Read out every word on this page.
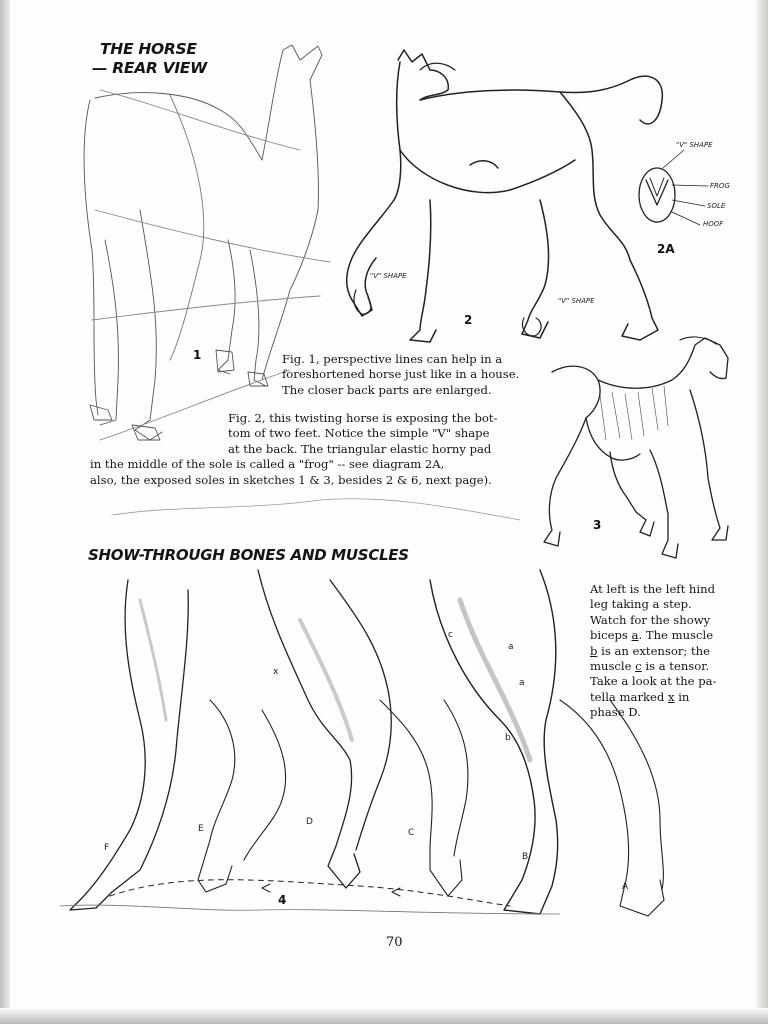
THE HORSE
— REAR VIEW
SHOW-THROUGH BONES AND MUSCLES

Fig. 1, perspective lines can help in a

foreshortened horse just like in a house.

The closer back parts are enlarged.

Fig. 2, this twisting horse is exposing the bot-

tom of two feet. Notice the simple "V" shape

at the back. The triangular elastic horny pad

in the middle of the sole is called a "frog" -- see diagram 2A,

also, the exposed soles in sketches 1 & 3, besides 2 & 6, next page).

At left is the left hind

leg taking a step.

Watch for the showy

biceps a. The muscle

b is an extensor; the

muscle c is a tensor.

Take a look at the pa-

tella marked x in

phase D.

"V" SHAPE
FROG
SOLE
HOOF
"V" SHAPE
"V" SHAPE
1
2
2A
3
4
c
a
a
b
x
F
E
D
C
B
A
70
